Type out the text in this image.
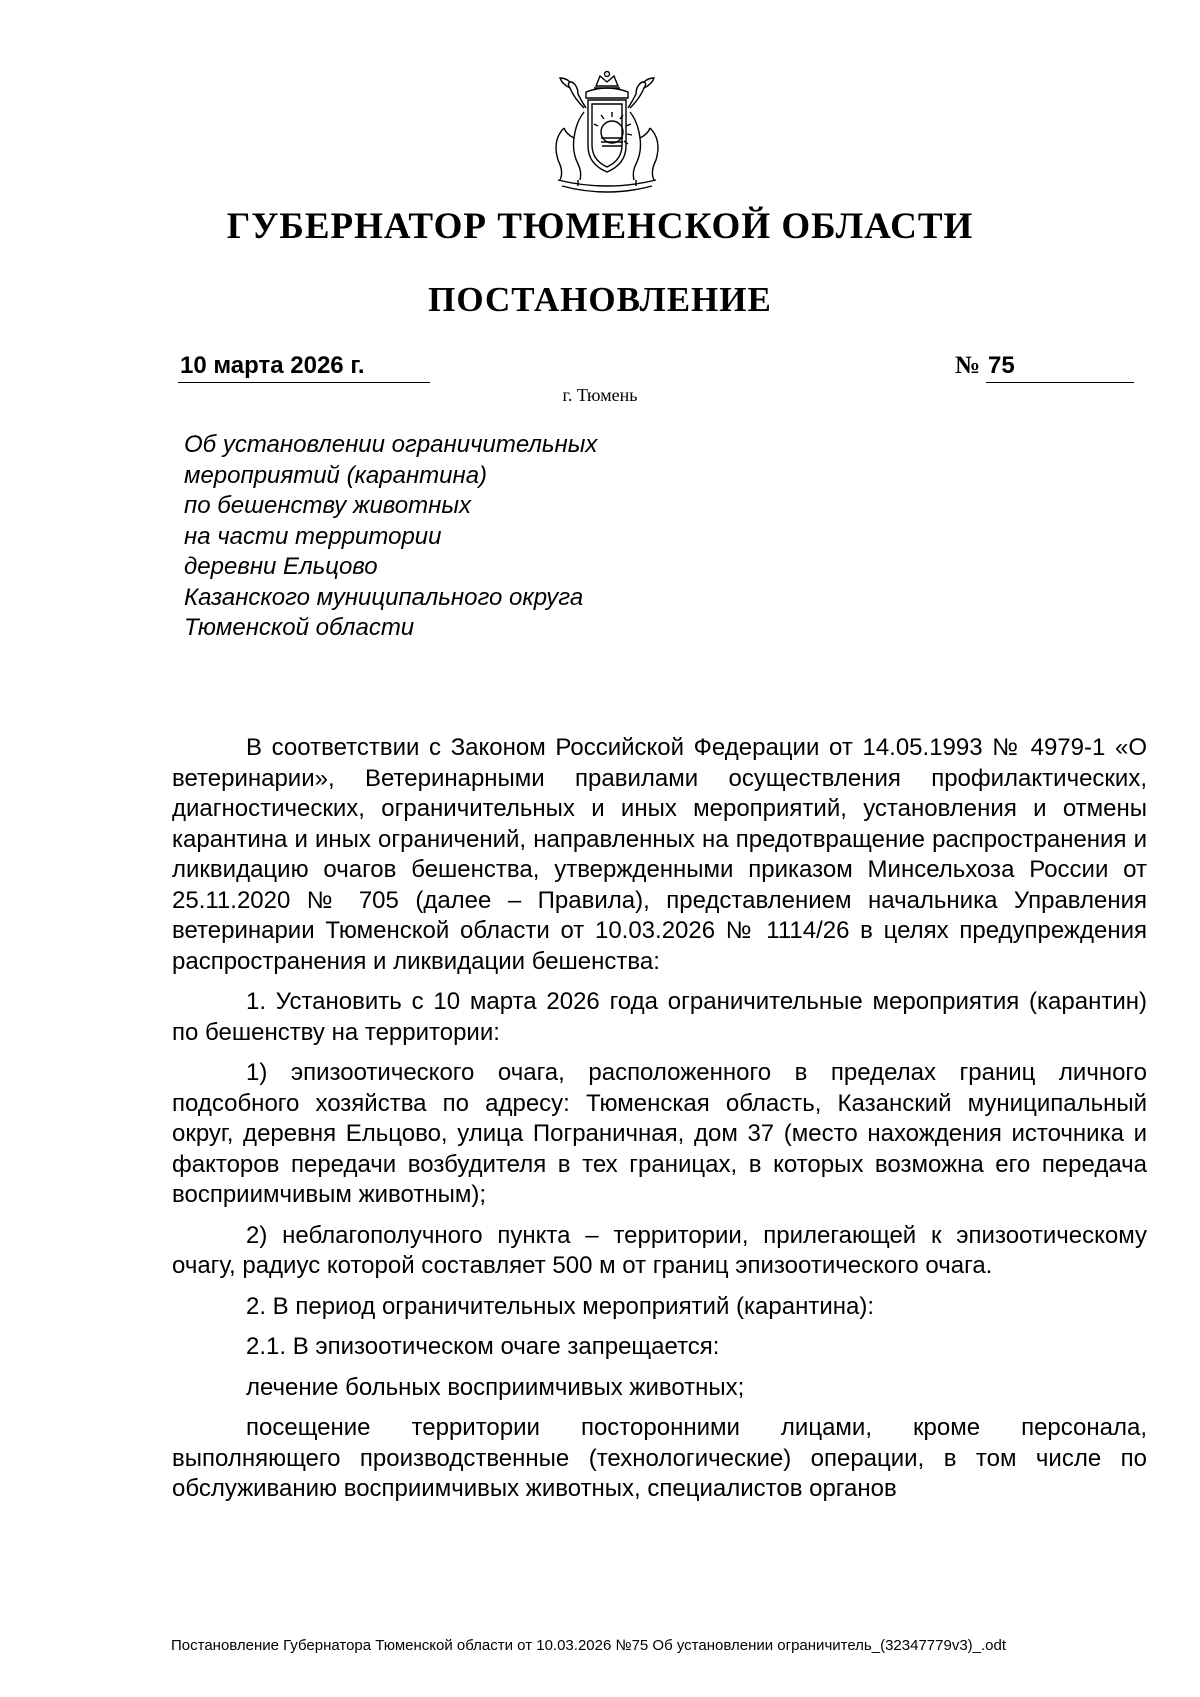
ГУБЕРНАТОР ТЮМЕНСКОЙ ОБЛАСТИ
ПОСТАНОВЛЕНИЕ
10 марта 2026 г.	№ 75
г. Тюмень
Об установлении ограничительных
мероприятий (карантина)
по бешенству животных
на части территории
деревни Ельцово
Казанского муниципального округа
Тюменской области

В соответствии с Законом Российской Федерации от 14.05.1993 № 4979-1 «О ветеринарии», Ветеринарными правилами осуществления профилактических, диагностических, ограничительных и иных мероприятий, установления и отмены карантина и иных ограничений, направленных на предотвращение распространения и ликвидацию очагов бешенства, утвержденными приказом Минсельхоза России от 25.11.2020 № 705 (далее – Правила), представлением начальника Управления ветеринарии Тюменской области от 10.03.2026 № 1114/26 в целях предупреждения распространения и ликвидации бешенства:

1. Установить с 10 марта 2026 года ограничительные мероприятия (карантин) по бешенству на территории:

1) эпизоотического очага, расположенного в пределах границ личного подсобного хозяйства по адресу: Тюменская область, Казанский муниципальный округ, деревня Ельцово, улица Пограничная, дом 37 (место нахождения источника и факторов передачи возбудителя в тех границах, в которых возможна его передача восприимчивым животным);

2) неблагополучного пункта – территории, прилегающей к эпизоотическому очагу, радиус которой составляет 500 м от границ эпизоотического очага.

2. В период ограничительных мероприятий (карантина):

2.1. В эпизоотическом очаге запрещается:

лечение больных восприимчивых животных;

посещение территории посторонними лицами, кроме персонала, выполняющего производственные (технологические) операции, в том числе по обслуживанию восприимчивых животных, специалистов органов

Постановление Губернатора Тюменской области от 10.03.2026 №75 Об установлении ограничитель_(32347779v3)_.odt
